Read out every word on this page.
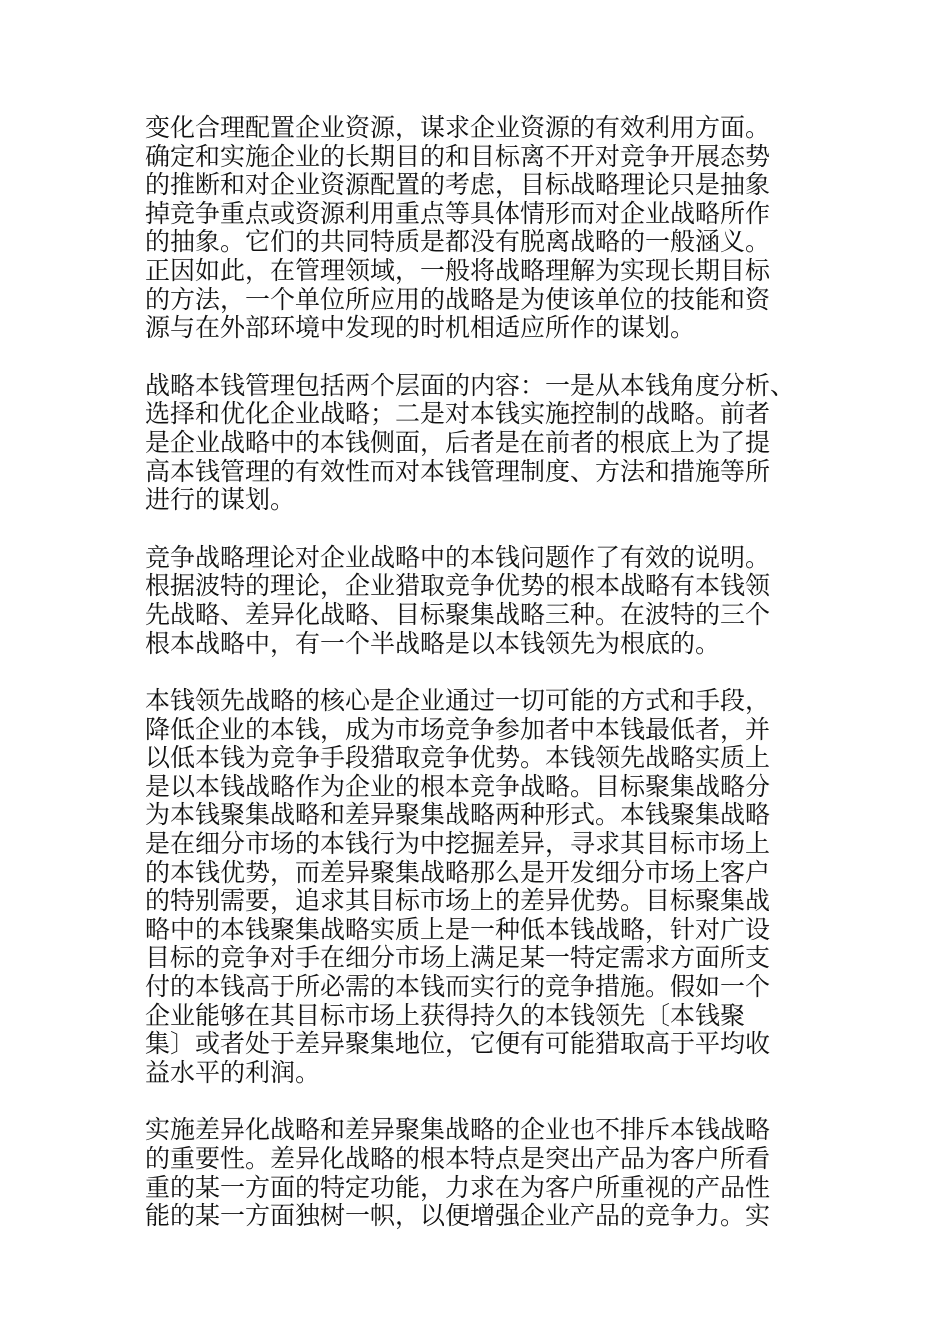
变化合理配置企业资源，谋求企业资源的有效利用方面。
确定和实施企业的长期目的和目标离不开对竞争开展态势
的推断和对企业资源配置的考虑，目标战略理论只是抽象
掉竞争重点或资源利用重点等具体情形而对企业战略所作
的抽象。它们的共同特质是都没有脱离战略的一般涵义。
正因如此，在管理领域，一般将战略理解为实现长期目标
的方法，一个单位所应用的战略是为使该单位的技能和资
源与在外部环境中发现的时机相适应所作的谋划。
战略本钱管理包括两个层面的内容：一是从本钱角度分析、
选择和优化企业战略；二是对本钱实施控制的战略。前者
是企业战略中的本钱侧面，后者是在前者的根底上为了提
高本钱管理的有效性而对本钱管理制度、方法和措施等所
进行的谋划。
竞争战略理论对企业战略中的本钱问题作了有效的说明。
根据波特的理论，企业猎取竞争优势的根本战略有本钱领
先战略、差异化战略、目标聚集战略三种。在波特的三个
根本战略中，有一个半战略是以本钱领先为根底的。
本钱领先战略的核心是企业通过一切可能的方式和手段，
降低企业的本钱，成为市场竞争参加者中本钱最低者，并
以低本钱为竞争手段猎取竞争优势。本钱领先战略实质上
是以本钱战略作为企业的根本竞争战略。目标聚集战略分
为本钱聚集战略和差异聚集战略两种形式。本钱聚集战略
是在细分市场的本钱行为中挖掘差异，寻求其目标市场上
的本钱优势，而差异聚集战略那么是开发细分市场上客户
的特别需要，追求其目标市场上的差异优势。目标聚集战
略中的本钱聚集战略实质上是一种低本钱战略，针对广设
目标的竞争对手在细分市场上满足某一特定需求方面所支
付的本钱高于所必需的本钱而实行的竞争措施。假如一个
企业能够在其目标市场上获得持久的本钱领先〔本钱聚
集〕或者处于差异聚集地位，它便有可能猎取高于平均收
益水平的利润。
实施差异化战略和差异聚集战略的企业也不排斥本钱战略
的重要性。差异化战略的根本特点是突出产品为客户所看
重的某一方面的特定功能，力求在为客户所重视的产品性
能的某一方面独树一帜，以便增强企业产品的竞争力。实
